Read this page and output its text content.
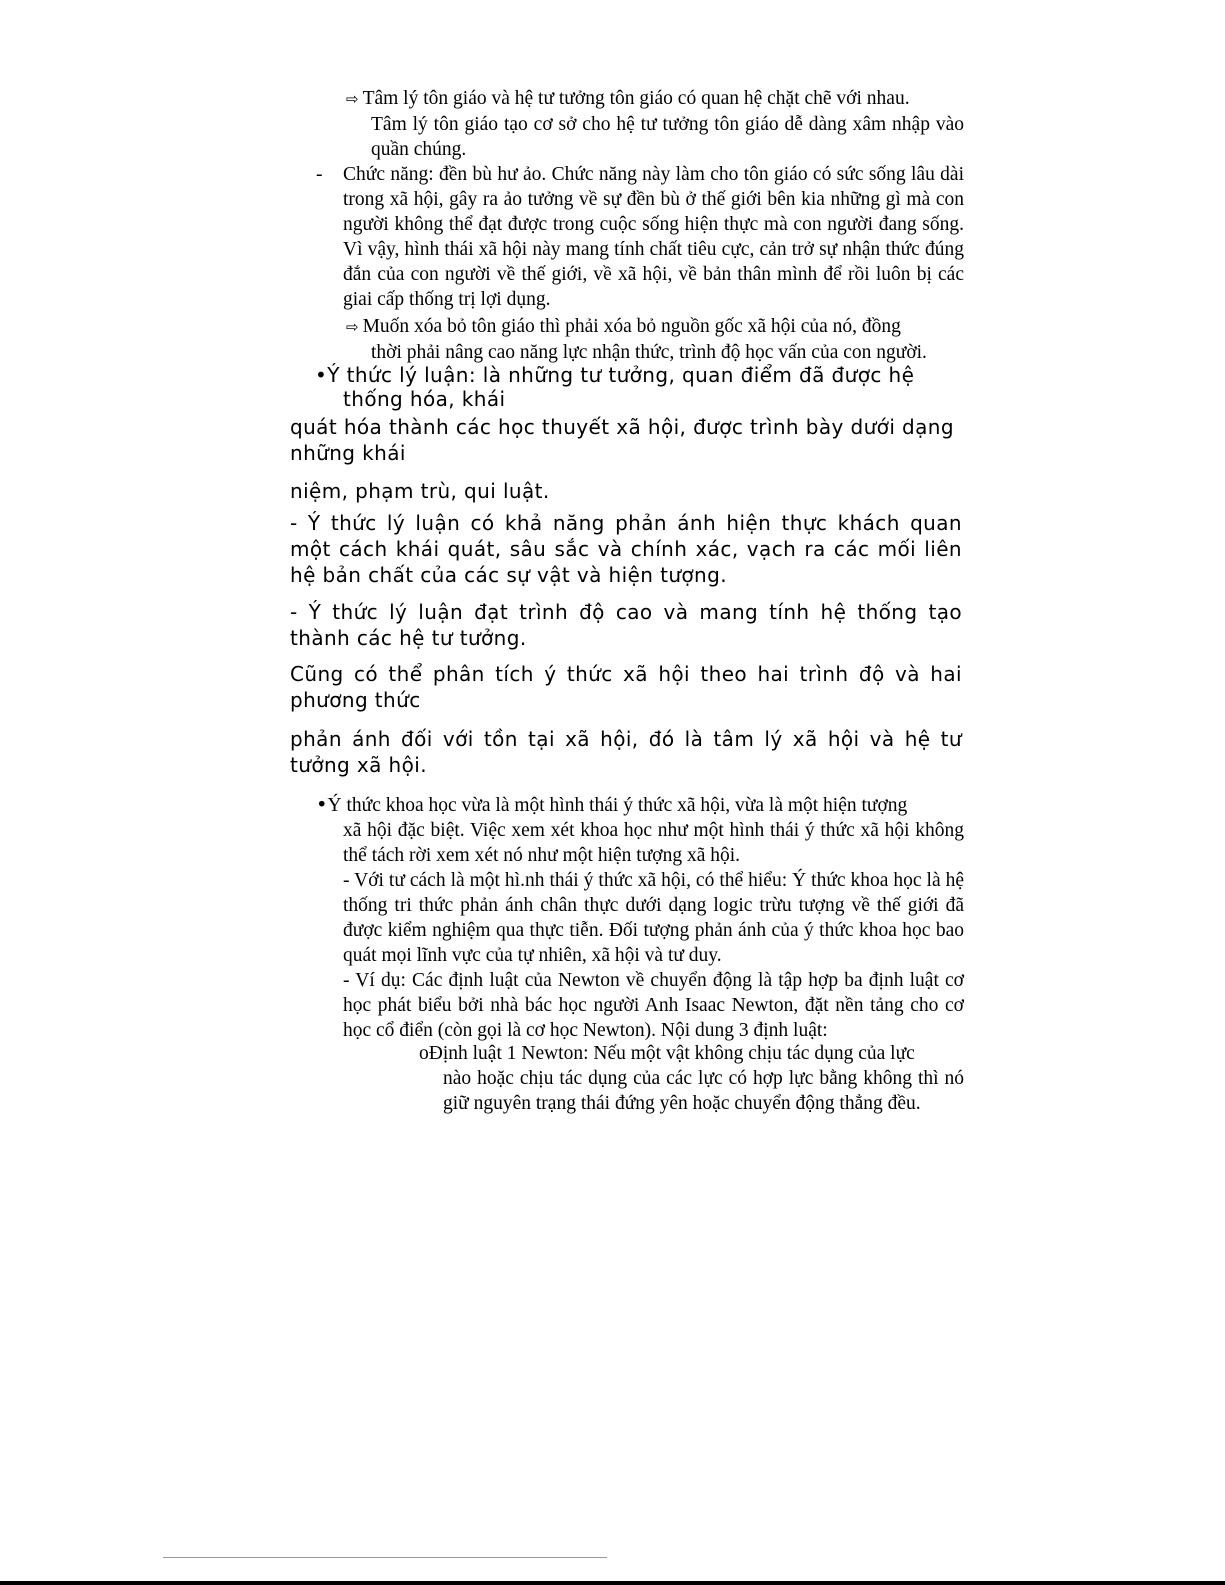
⇨ Tâm lý tôn giáo và hệ tư tưởng tôn giáo có quan hệ chặt chẽ với nhau.
Tâm lý tôn giáo tạo cơ sở cho hệ tư tưởng tôn giáo dễ dàng xâm nhập vào quần chúng.
-	Chức năng: đền bù hư ảo. Chức năng này làm cho tôn giáo có sức sống lâu dài trong xã hội, gây ra ảo tưởng về sự đền bù ở thế giới bên kia những gì mà con người không thể đạt được trong cuộc sống hiện thực mà con người đang sống. Vì vậy, hình thái xã hội này mang tính chất tiêu cực, cản trở sự nhận thức đúng đắn của con người về thế giới, về xã hội, về bản thân mình để rồi luôn bị các giai cấp thống trị lợi dụng.
⇨ Muốn xóa bỏ tôn giáo thì phải xóa bỏ nguồn gốc xã hội của nó, đồng
thời phải nâng cao năng lực nhận thức, trình độ học vấn của con người.
•Ý thức lý luận: là những tư tưởng, quan điểm đã được hệ
thống hóa, khái
quát hóa thành các học thuyết xã hội, được trình bày dưới dạng
những khái
niệm, phạm trù, qui luật.
- Ý thức lý luận có khả năng phản ánh hiện thực khách quan một cách khái quát, sâu sắc và chính xác, vạch ra các mối liên hệ bản chất của các sự vật và hiện tượng.
- Ý thức lý luận đạt trình độ cao và mang tính hệ thống tạo thành các hệ tư tưởng.
Cũng có thể phân tích ý thức xã hội theo hai trình độ và hai
phương thức
phản ánh đối với tồn tại xã hội, đó là tâm lý xã hội và hệ tư tưởng xã hội.
•Ý thức khoa học vừa là một hình thái ý thức xã hội, vừa là một hiện tượng
xã hội đặc biệt. Việc xem xét khoa học như một hình thái ý thức xã hội không thể tách rời xem xét nó như một hiện tượng xã hội.
- Với tư cách là một hì.nh thái ý thức xã hội, có thể hiểu: Ý thức khoa học là hệ thống tri thức phản ánh chân thực dưới dạng logic trừu tượng về thế giới đã được kiểm nghiệm qua thực tiễn. Đối tượng phản ánh của ý thức khoa học bao quát mọi lĩnh vực của tự nhiên, xã hội và tư duy.
- Ví dụ: Các định luật của Newton về chuyển động là tập hợp ba định luật cơ học phát biểu bởi nhà bác học người Anh Isaac Newton, đặt nền tảng cho cơ học cổ điển (còn gọi là cơ học Newton). Nội dung 3 định luật:
oĐịnh luật 1 Newton: Nếu một vật không chịu tác dụng của lực
nào hoặc chịu tác dụng của các lực có hợp lực bằng không thì nó giữ nguyên trạng thái đứng yên hoặc chuyển động thẳng đều.
